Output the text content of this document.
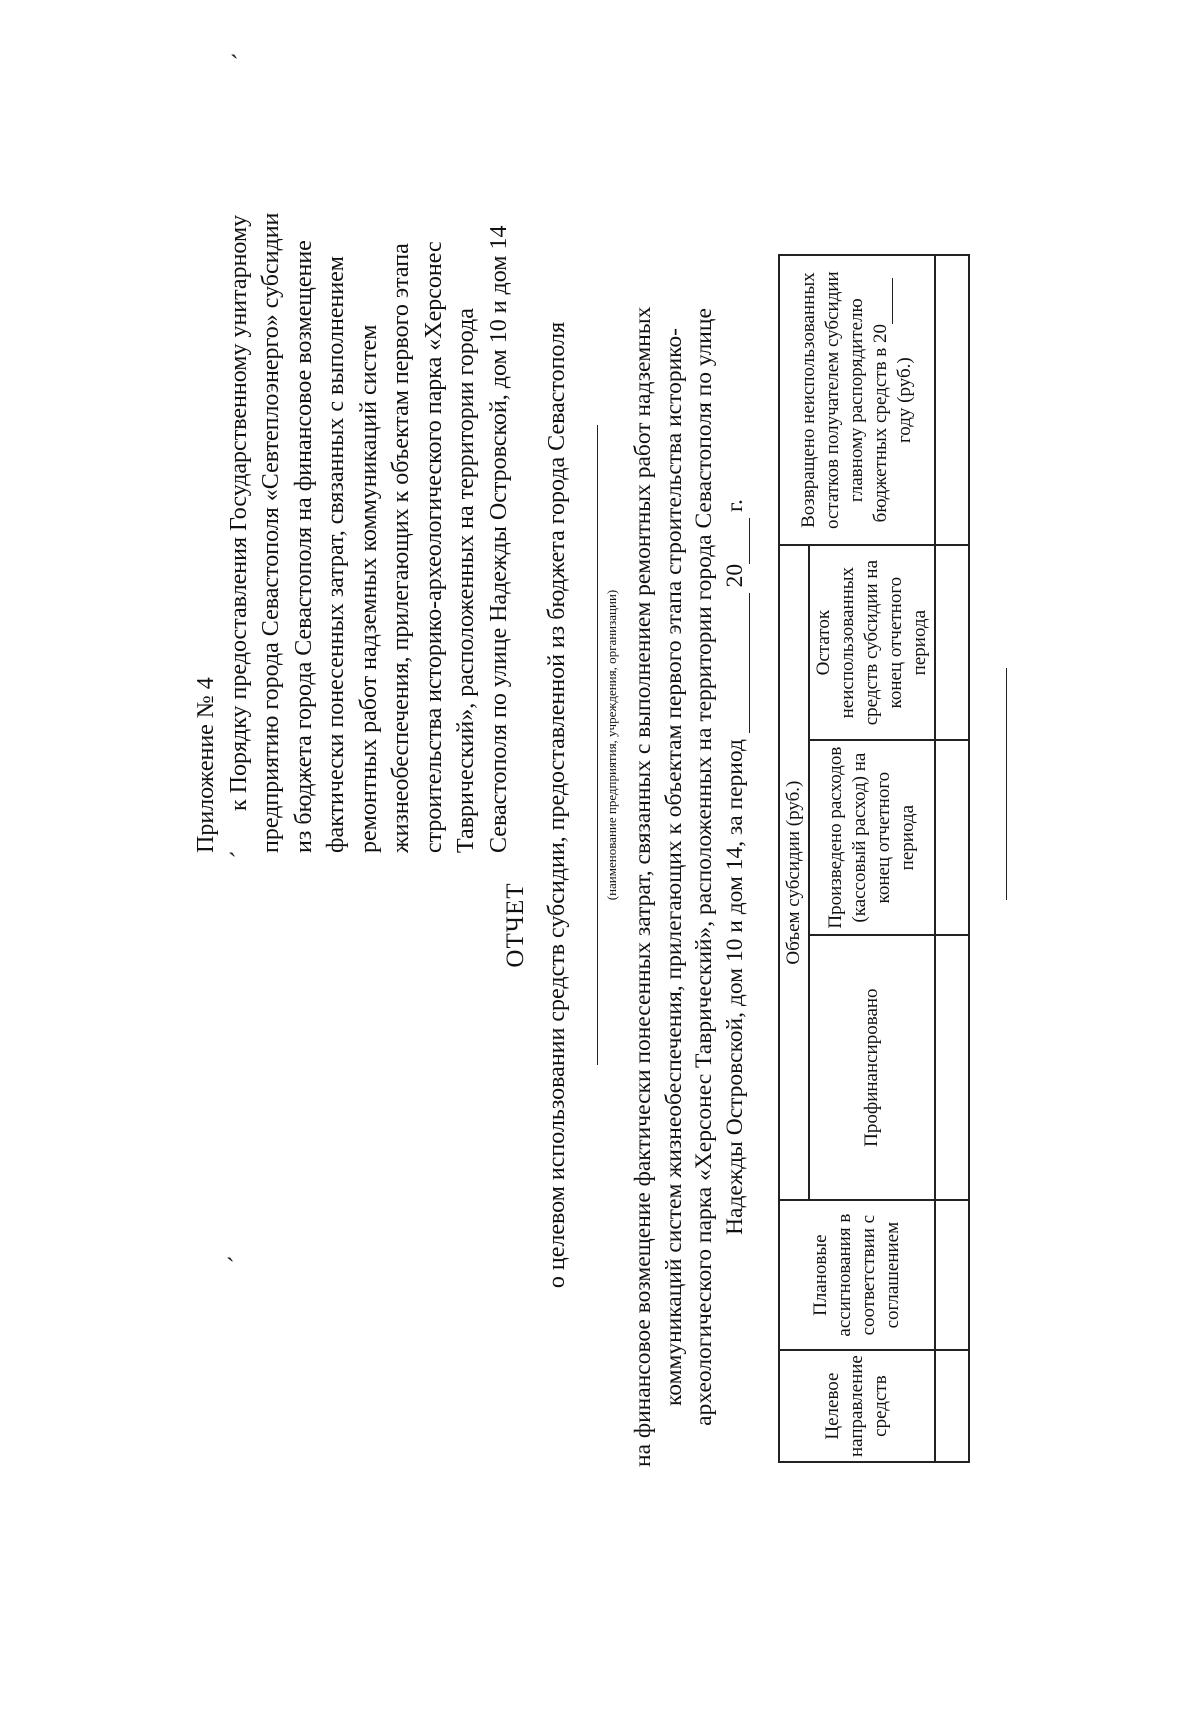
ˏ
ˏ
ˏ
Приложение № 4 к Порядку предоставления Государственному унитарному предприятию города Севастополя «Севтеплоэнерго» субсидии из бюджета города Севастополя на финансовое возмещение фактически понесенных затрат, связанных с выполнением ремонтных работ надземных коммуникаций систем жизнеобеспечения, прилегающих к объектам первого этапа строительства историко-археологического парка «Херсонес Таврический», расположенных на территории города Севастополя по улице Надежды Островской, дом 10 и дом 14
ОТЧЕТ о целевом использовании средств субсидии, предоставленной из бюджета города Севастополя	(наименование предприятия, учреждения, организации) на финансовое возмещение фактически понесенных затрат, связанных с выполнением ремонтных работ надземных коммуникаций систем жизнеобеспечения, прилегающих к объектам первого этапа строительства историко- археологического парка «Херсонес Таврический», расположенных на территории города Севастополя по улице Надежды Островской, дом 10 и дом 14, за период  20 г.
Целевое направление средств	Плановые ассигнования в соответствии с соглашением	Объем субсидии (руб.)			Возвращено неиспользованных остатков получателем субсидии главному распорядителю бюджетных средств в 20 году (руб.)
		Профинансировано	Произведено расходов (кассовый расход) на конец отчетного периода	Остаток неиспользованных средств субсидии на конец отчетного периода	
